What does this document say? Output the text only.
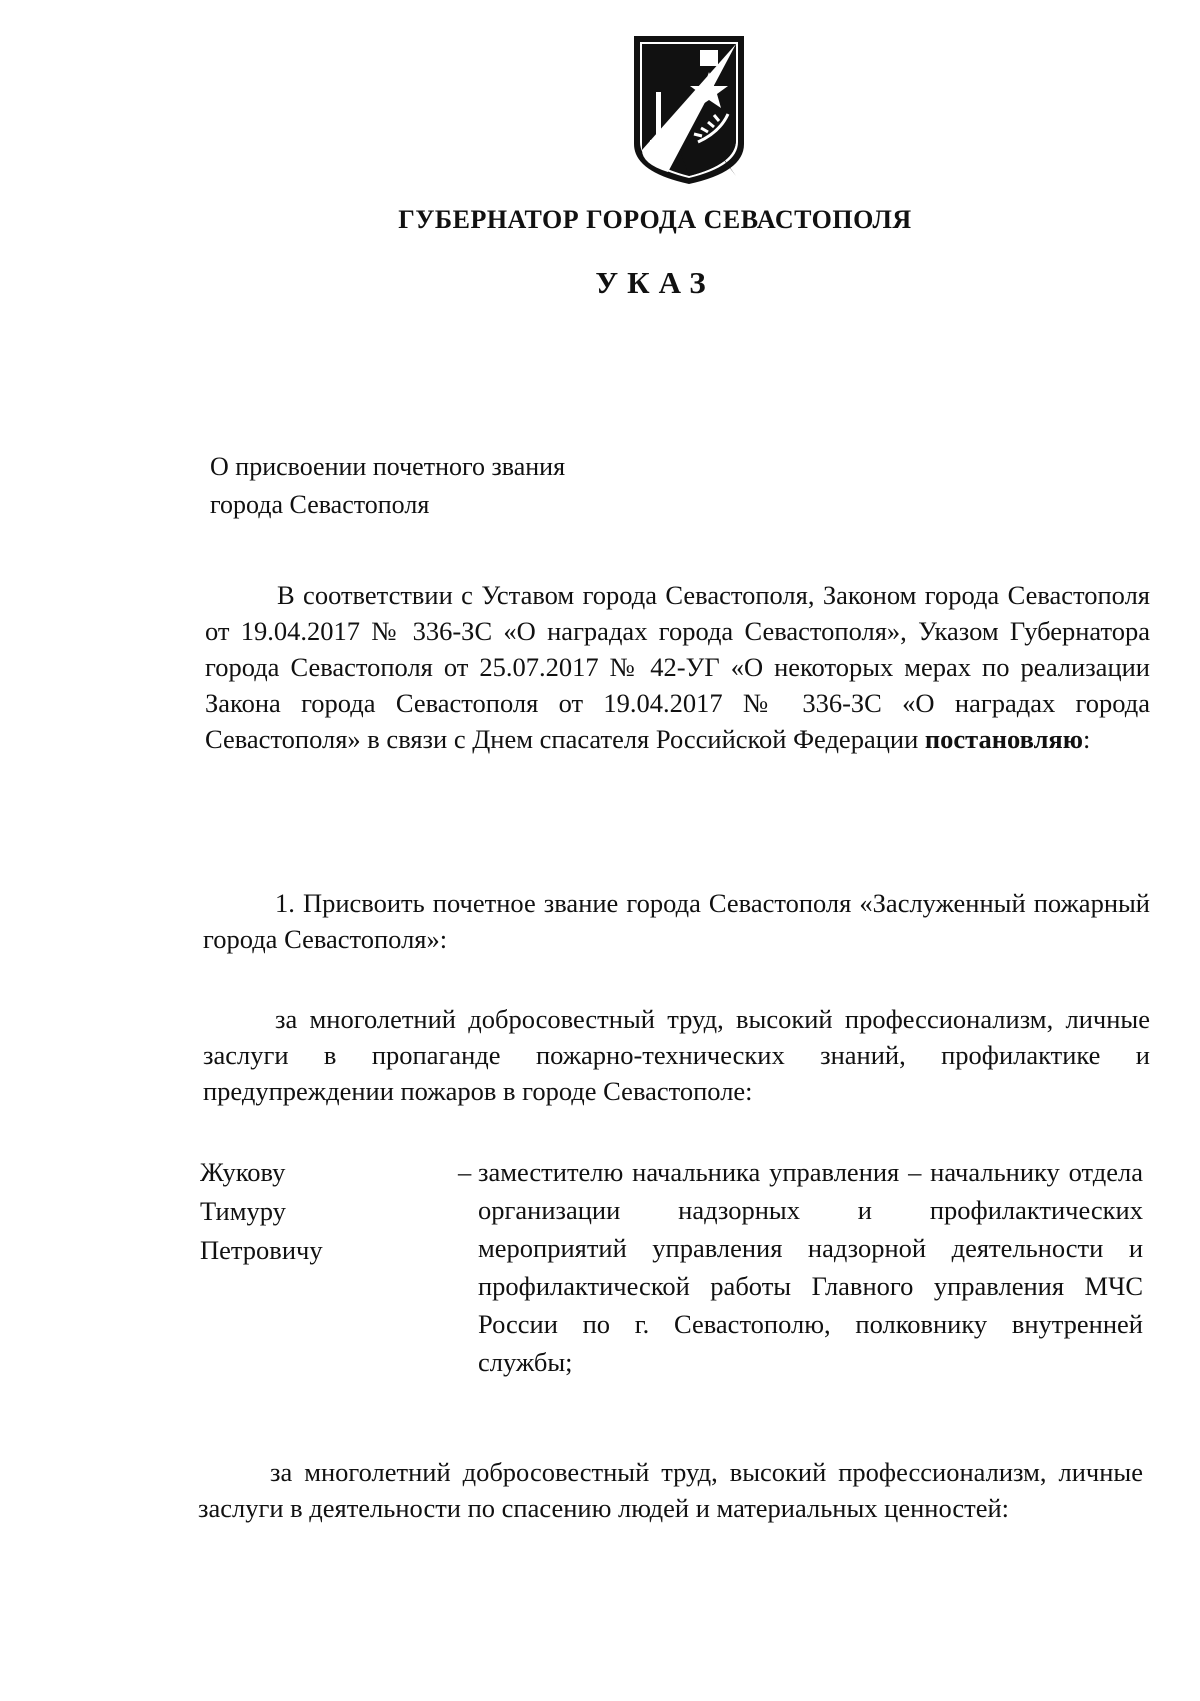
ГУБЕРНАТОР ГОРОДА СЕВАСТОПОЛЯ
УКАЗ
О присвоении почетного звания
города Севастополя
В соответствии с Уставом города Севастополя, Законом города Севастополя от 19.04.2017 № 336-ЗС «О наградах города Севастополя», Указом Губернатора города Севастополя от 25.07.2017 № 42-УГ «О некоторых мерах по реализации Закона города Севастополя от 19.04.2017 № 336-ЗС «О наградах города Севастополя» в связи с Днем спасателя Российской Федерации постановляю:
1. Присвоить почетное звание города Севастополя «Заслуженный пожарный города Севастополя»:
за многолетний добросовестный труд, высокий профессионализм, личные заслуги в пропаганде пожарно-технических знаний, профилактике и предупреждении пожаров в городе Севастополе:
Жукову
Тимуру
Петровичу
– заместителю начальника управления – начальнику отдела организации надзорных и профилактических мероприятий управления надзорной деятельности и профилактической работы Главного управления МЧС России по г. Севастополю, полковнику внутренней службы;
за многолетний добросовестный труд, высокий профессионализм, личные заслуги в деятельности по спасению людей и материальных ценностей:
